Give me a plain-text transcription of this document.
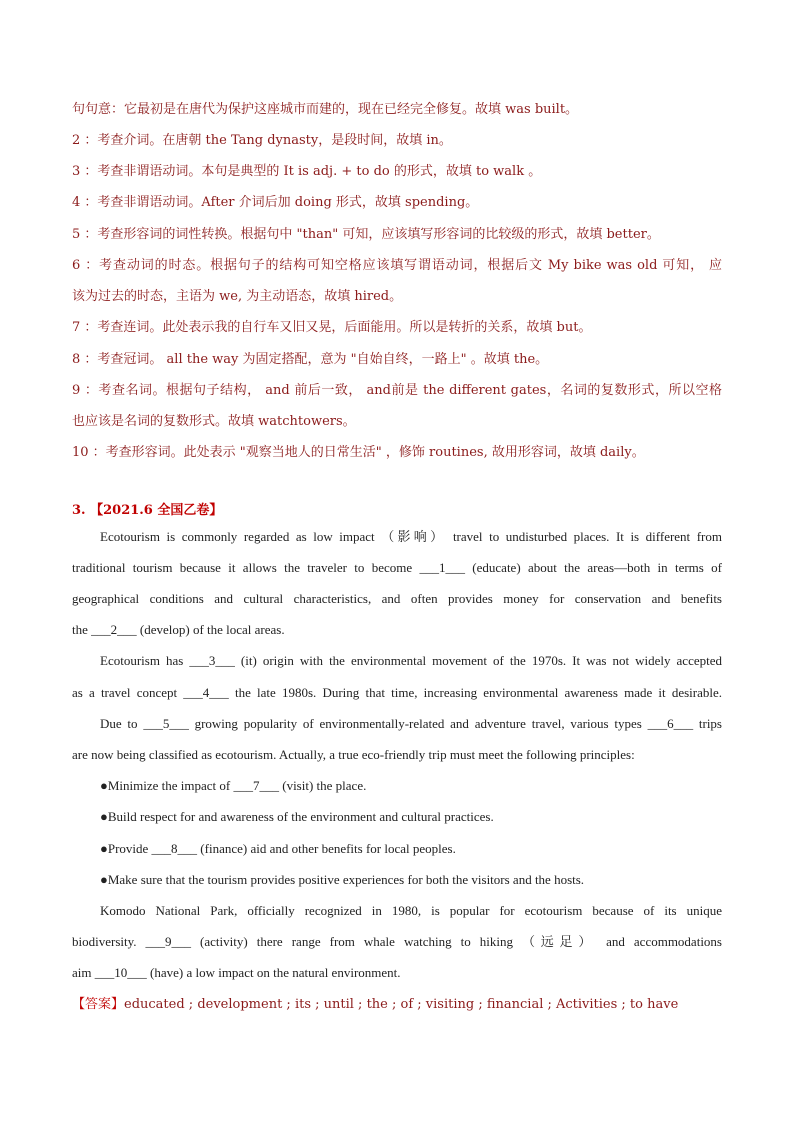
句句意：它最初是在唐代为保护这座城市而建的，现在已经完全修复。故填 was built。
2 ：考查介词。在唐朝 the Tang dynasty，是段时间，故填 in。
3 ：考查非谓语动词。本句是典型的 It is adj. + to do 的形式，故填 to walk 。
4 ：考查非谓语动词。After 介词后加 doing 形式，故填 spending。
5 ：考查形容词的词性转换。根据句中 "than" 可知，应该填写形容词的比较级的形式，故填 better。
6 ：考查动词的时态。根据句子的结构可知空格应该填写谓语动词，根据后文 My bike was old 可知， 应
该为过去的时态，主语为 we, 为主动语态，故填 hired。
7 ：考查连词。此处表示我的自行车又旧又晃，后面能用。所以是转折的关系，故填 but。
8 ：考查冠词。 all the way 为固定搭配，意为 "自始自终，一路上" 。故填 the。
9 ：考查名词。根据句子结构， and 前后一致， and前是 the different gates，名词的复数形式，所以空格
也应该是名词的复数形式。故填 watchtowers。
10 ：考查形容词。此处表示 "观察当地人的日常生活" ，修饰 routines, 故用形容词，故填 daily。
3. 【2021.6 全国乙卷】
Ecotourism is commonly regarded as low impact （影响） travel to undisturbed places. It is different from
traditional tourism because it allows the traveler to become ___1___ (educate) about the areas—both in terms of
geographical conditions and cultural characteristics, and often provides money for conservation and benefits
the ___2___ (develop) of the local areas.
Ecotourism has ___3___ (it) origin with the environmental movement of the 1970s. It was not widely accepted
as a travel concept ___4___ the late 1980s. During that time, increasing environmental awareness made it desirable.
Due to ___5___ growing popularity of environmentally-related and adventure travel, various types ___6___ trips
are now being classified as ecotourism. Actually, a true eco-friendly trip must meet the following principles:
●Minimize the impact of ___7___ (visit) the place.
●Build respect for and awareness of the environment and cultural practices.
●Provide ___8___ (finance) aid and other benefits for local peoples.
●Make sure that the tourism provides positive experiences for both the visitors and the hosts.
Komodo National Park, officially recognized in 1980, is popular for ecotourism because of its unique
biodiversity. ___9___ (activity) there range from whale watching to hiking （远足） and accommodations
aim ___10___ (have) a low impact on the natural environment.
【答案】educated ; development ; its ; until ; the ; of ; visiting ; financial ; Activities ; to have
